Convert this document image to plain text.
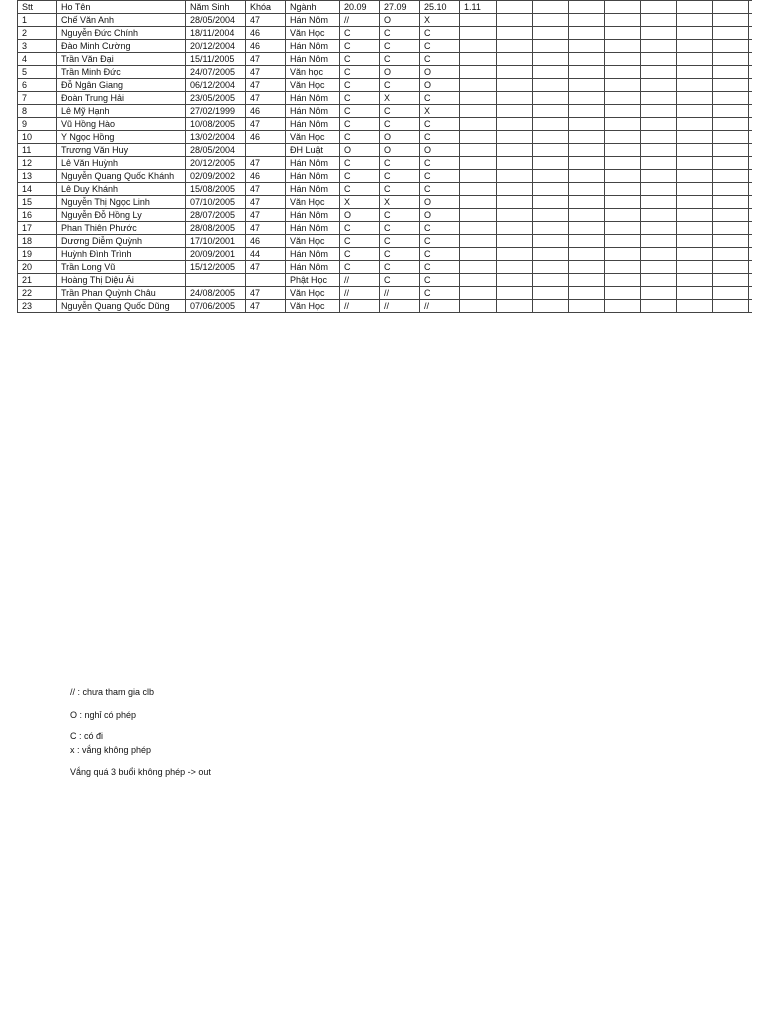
Stt	Ho Tên	Năm Sinh	Khóa	Ngành	20.09	27.09	25.10	1.11								
1	Chế Văn Anh	28/05/2004	47	Hán Nôm	//	O	X									
2	Nguyễn Đức Chính	18/11/2004	46	Văn Học	C	C	C									
3	Đào Minh Cường	20/12/2004	46	Hán Nôm	C	C	C									
4	Trần Văn Đại	15/11/2005	47	Hán Nôm	C	C	C									
5	Trần Minh Đức	24/07/2005	47	Văn học	C	O	O									
6	Đỗ Ngân Giang	06/12/2004	47	Văn Học	C	C	O									
7	Đoàn Trung Hải	23/05/2005	47	Hán Nôm	C	X	C									
8	Lê Mỹ Hạnh	27/02/1999	46	Hán Nôm	C	C	X									
9	Vũ Hồng Hào	10/08/2005	47	Hán Nôm	C	C	C									
10	Y Ngọc Hồng	13/02/2004	46	Văn Học	C	O	C									
11	Trương Văn Huy	28/05/2004		ĐH Luật	O	O	O									
12	Lê Văn Huỳnh	20/12/2005	47	Hán Nôm	C	C	C									
13	Nguyễn Quang Quốc Khánh	02/09/2002	46	Hán Nôm	C	C	C									
14	Lê Duy Khánh	15/08/2005	47	Hán Nôm	C	C	C									
15	Nguyễn Thị Ngọc Linh	07/10/2005	47	Văn Học	X	X	O									
16	Nguyễn Đỗ Hồng Ly	28/07/2005	47	Hán Nôm	O	C	O									
17	Phan Thiên Phước	28/08/2005	47	Hán Nôm	C	C	C									
18	Dương Diễm Quỳnh	17/10/2001	46	Văn Học	C	C	C									
19	Huỳnh Đình Trình	20/09/2001	44	Hán Nôm	C	C	C									
20	Trần Long Vũ	15/12/2005	47	Hán Nôm	C	C	C									
21	Hoàng Thị Diệu Ái			Phật Học	//	C	C									
22	Trần Phan Quỳnh Châu	24/08/2005	47	Văn Học	//	//	C									
23	Nguyễn Quang Quốc Dũng	07/06/2005	47	Văn Học	//	//	//									
// : chưa tham gia clb
O : nghỉ có phép
C : có đi
x : vắng không phép
Vắng quá 3 buổi không phép -> out
